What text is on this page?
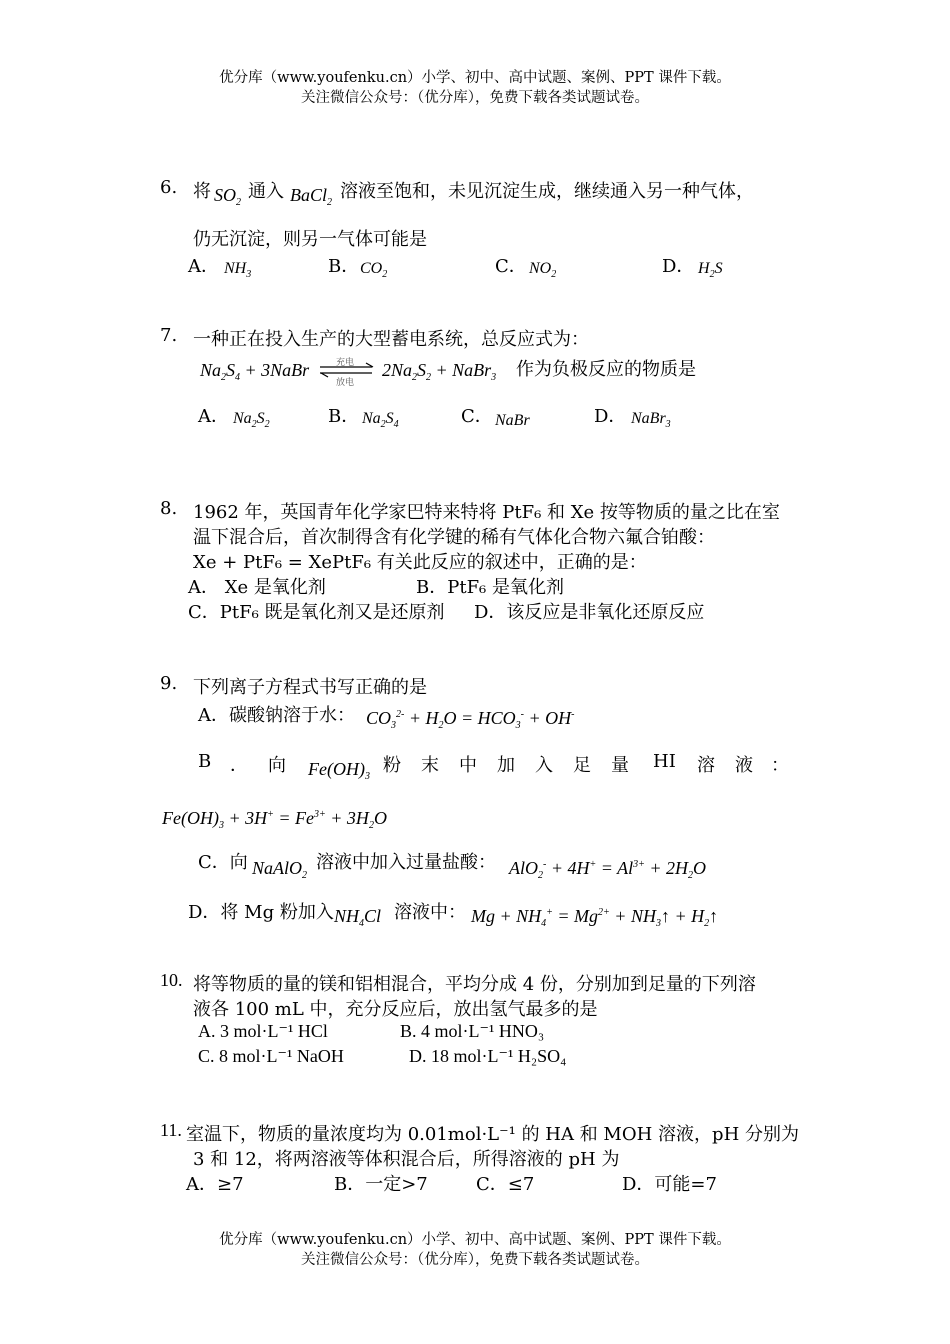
优分库（www.youfenku.cn）小学、初中、高中试题、案例、PPT 课件下载。
关注微信公众号：（优分库），免费下载各类试题试卷。
6. 将 $SO_2$
通入 BaCl$_2$
溶液至饱和，未见沉淀生成，继续通入另一种气体，
仍无沉淀，则另一气体可能是
A． $NH_3$	B． $CO_2$	C． $NO_2$	D． $H_2S$
7. 一种正在投入生产的大型蓄电系统，总反应式为：
$Na_2S_4$ + 3NaBr	充电
放电
$2Na_2S_2$ + NaBr$_3$ 作为负极反应的物质是
A． $Na_2S_2$	B． $Na_2S_4$	C． NaBr	D． NaBr$_3$
8. 1962 年，英国青年化学家巴特来特将 PtF₆ 和 Xe 按等物质的量之比在室
温下混合后，首次制得含有化学键的稀有气体化合物六氟合铂酸：
Xe + PtF₆ = XePtF₆ 有关此反应的叙述中，正确的是：
A． Xe 是氧化剂	B．PtF₆ 是氧化剂
C．PtF₆ 既是氧化剂又是还原剂 D．该反应是非氧化还原反应
9. 下列离子方程式书写正确的是
A．碳酸钠溶于水： $CO_3^{2-} + H_2O = HCO_3^- + OH^-$
B ． 向 $Fe(OH)_3$
粉 末 中 加 入 足 量 HI 溶 液 ：
$Fe(OH)_3 + 3H^+ = Fe^{3+} + 3H_2O$
C．向 NaAlO$_2$
溶液中加入过量盐酸： $AlO_2^- + 4H^+ = Al^{3+} + 2H_2O$
D．将 Mg 粉加入 $NH_4Cl$ 溶液中： $Mg + NH_4^+ = Mg^{2+}$ + $NH_3↑$ + $H_2↑$
10. 将等物质的量的镁和铝相混合，平均分成 4 份，分别加到足量的下列溶
液各 100 mL 中，充分反应后，放出氢气最多的是
A. 3 mol·L⁻¹ HCl	B. 4 mol·L⁻¹ HNO₃
C. 8 mol·L⁻¹ NaOH	D. 18 mol·L⁻¹ H₂SO₄
11. 室温下，物质的量浓度均为 0.01mol·L⁻¹ 的 HA 和 MOH 溶液，pH 分别为
3 和 12，将两溶液等体积混合后，所得溶液的 pH 为
A．≥7	B．一定>7	C．≤7	D．可能=7
优分库（www.youfenku.cn）小学、初中、高中试题、案例、PPT 课件下载。
关注微信公众号：（优分库），免费下载各类试题试卷。
